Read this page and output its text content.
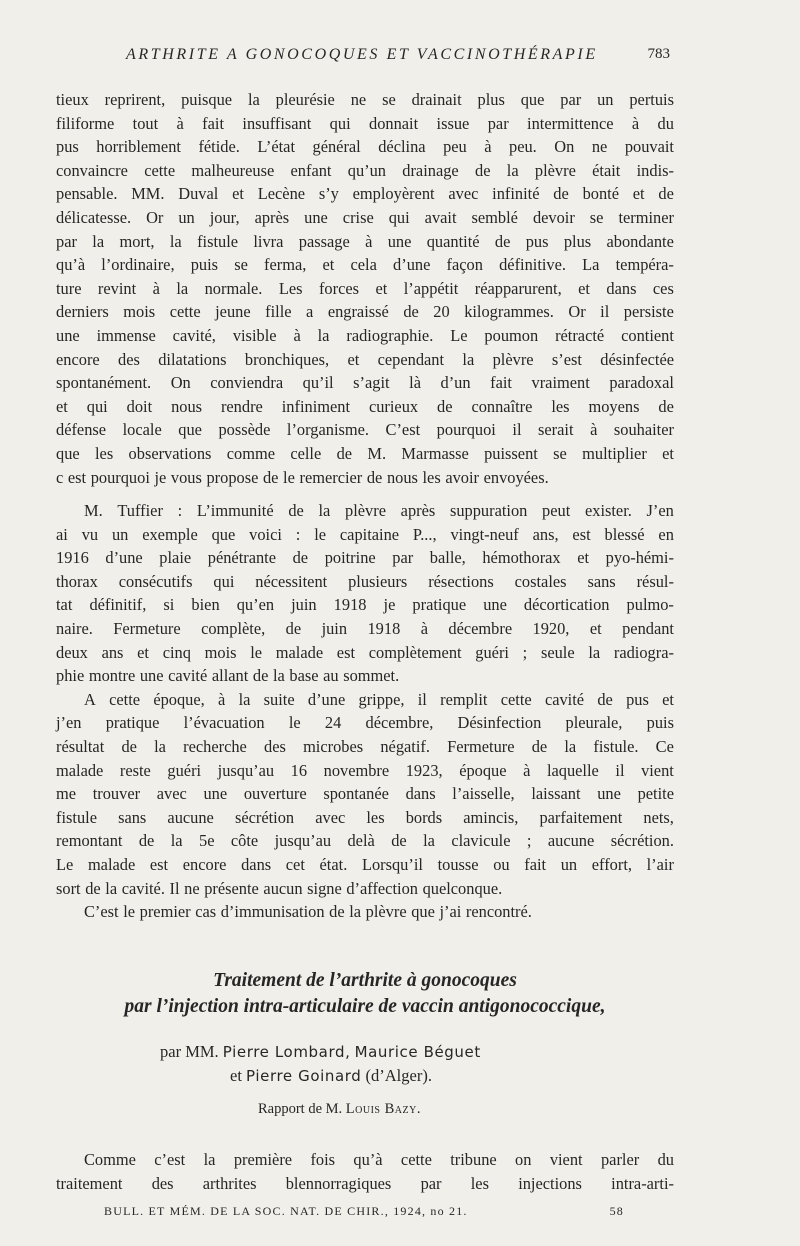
ARTHRITE A GONOCOQUES ET VACCINOTHÉRAPIE	783
tieux reprirent, puisque la pleurésie ne se drainait plus que par un pertuis
filiforme tout à fait insuffisant qui donnait issue par intermittence à du
pus horriblement fétide. L’état général déclina peu à peu. On ne pouvait
convaincre cette malheureuse enfant qu’un drainage de la plèvre était indis-
pensable. MM. Duval et Lecène s’y employèrent avec infinité de bonté et de
délicatesse. Or un jour, après une crise qui avait semblé devoir se terminer
par la mort, la fistule livra passage à une quantité de pus plus abondante
qu’à l’ordinaire, puis se ferma, et cela d’une façon définitive. La tempéra-
ture revint à la normale. Les forces et l’appétit réapparurent, et dans ces
derniers mois cette jeune fille a engraissé de 20 kilogrammes. Or il persiste
une immense cavité, visible à la radiographie. Le poumon rétracté contient
encore des dilatations bronchiques, et cependant la plèvre s’est désinfectée
spontanément. On conviendra qu’il s’agit là d’un fait vraiment paradoxal
et qui doit nous rendre infiniment curieux de connaître les moyens de
défense locale que possède l’organisme. C’est pourquoi il serait à souhaiter
que les observations comme celle de M. Marmasse puissent se multiplier et
c est pourquoi je vous propose de le remercier de nous les avoir envoyées.
M. Tuffier : L’immunité de la plèvre après suppuration peut exister. J’en
ai vu un exemple que voici : le capitaine P..., vingt-neuf ans, est blessé en
1916 d’une plaie pénétrante de poitrine par balle, hémothorax et pyo-hémi-
thorax consécutifs qui nécessitent plusieurs résections costales sans résul-
tat définitif, si bien qu’en juin 1918 je pratique une décortication pulmo-
naire. Fermeture complète, de juin 1918 à décembre 1920, et pendant
deux ans et cinq mois le malade est complètement guéri ; seule la radiogra-
phie montre une cavité allant de la base au sommet.
A cette époque, à la suite d’une grippe, il remplit cette cavité de pus et
j’en pratique l’évacuation le 24 décembre, Désinfection pleurale, puis
résultat de la recherche des microbes négatif. Fermeture de la fistule. Ce
malade reste guéri jusqu’au 16 novembre 1923, époque à laquelle il vient
me trouver avec une ouverture spontanée dans l’aisselle, laissant une petite
fistule sans aucune sécrétion avec les bords amincis, parfaitement nets,
remontant de la 5e côte jusqu’au delà de la clavicule ; aucune sécrétion.
Le malade est encore dans cet état. Lorsqu’il tousse ou fait un effort, l’air
sort de la cavité. Il ne présente aucun signe d’affection quelconque.
C’est le premier cas d’immunisation de la plèvre que j’ai rencontré.
Traitement de l’arthrite à gonocoques
par l’injection intra-articulaire de vaccin antigonococcique,
par MM. Pierre Lombard, Maurice Béguet
et Pierre Goinard (d’Alger).
Rapport de M. Louis Bazy.
Comme c’est la première fois qu’à cette tribune on vient parler du
traitement des arthrites blennorragiques par les injections intra-arti-
BULL. ET MÉM. DE LA SOC. NAT. DE CHIR., 1924, no 21.	58
